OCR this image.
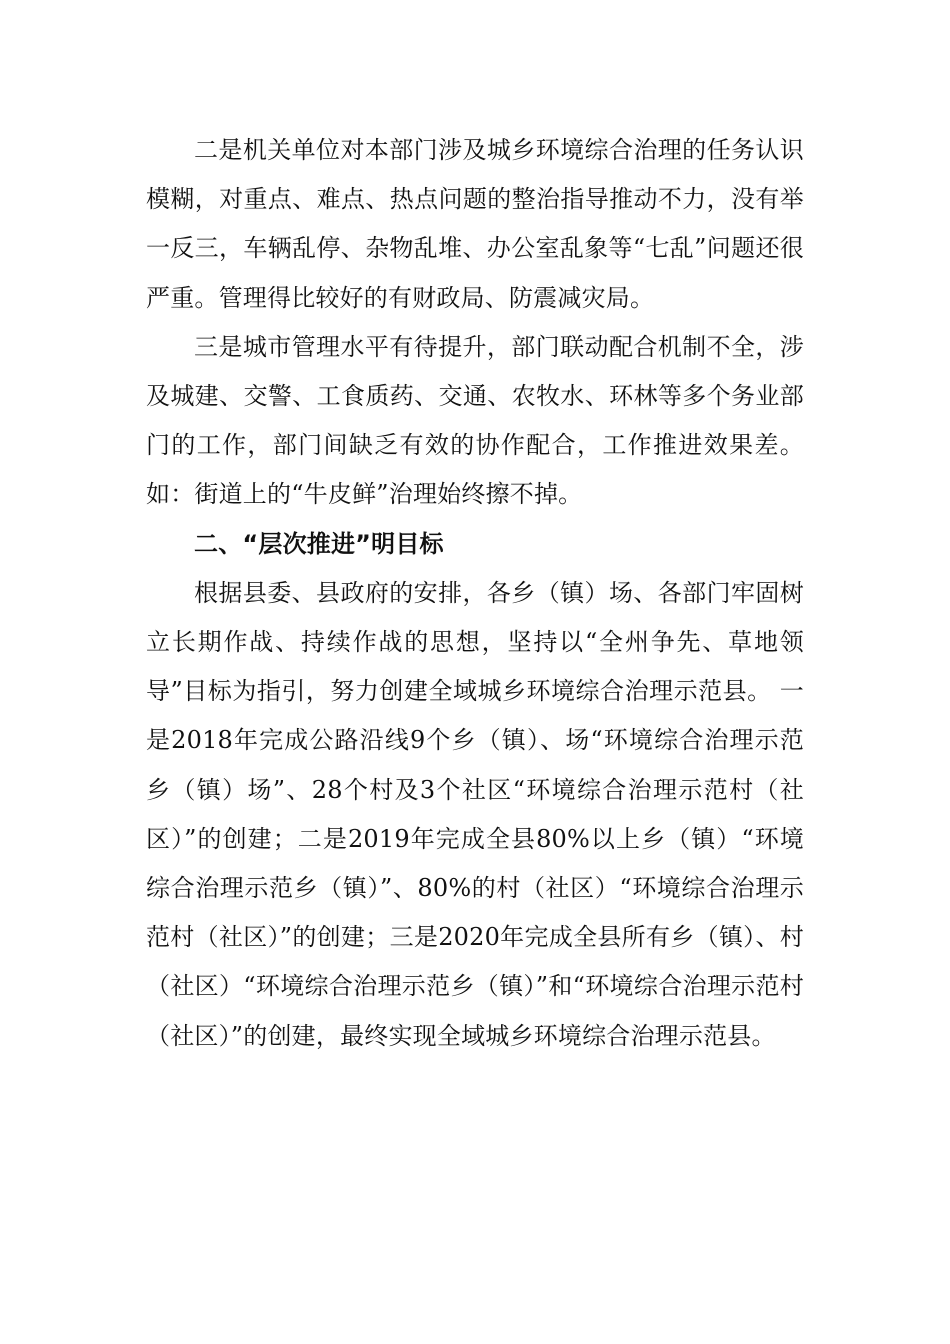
二是机关单位对本部门涉及城乡环境综合治理的任务认识模糊，对重点、难点、热点问题的整治指导推动不力，没有举一反三，车辆乱停、杂物乱堆、办公室乱象等“七乱”问题还很严重。管理得比较好的有财政局、防震减灾局。

三是城市管理水平有待提升，部门联动配合机制不全，涉及城建、交警、工食质药、交通、农牧水、环林等多个务业部门的工作，部门间缺乏有效的协作配合，工作推进效果差。如：街道上的“牛皮鲜”治理始终擦不掉。

二、“层次推进”明目标

根据县委、县政府的安排，各乡（镇）场、各部门牢固树立长期作战、持续作战的思想，坚持以“全州争先、草地领导”目标为指引，努力创建全域城乡环境综合治理示范县。 一是2018年完成公路沿线9个乡（镇）、场“环境综合治理示范乡（镇）场”、28个村及3个社区“环境综合治理示范村（社区）”的创建；二是2019年完成全县80%以上乡（镇）“环境综合治理示范乡（镇）”、80%的村（社区）“环境综合治理示范村（社区）”的创建；三是2020年完成全县所有乡（镇）、村（社区）“环境综合治理示范乡（镇）”和“环境综合治理示范村（社区）”的创建，最终实现全域城乡环境综合治理示范县。
